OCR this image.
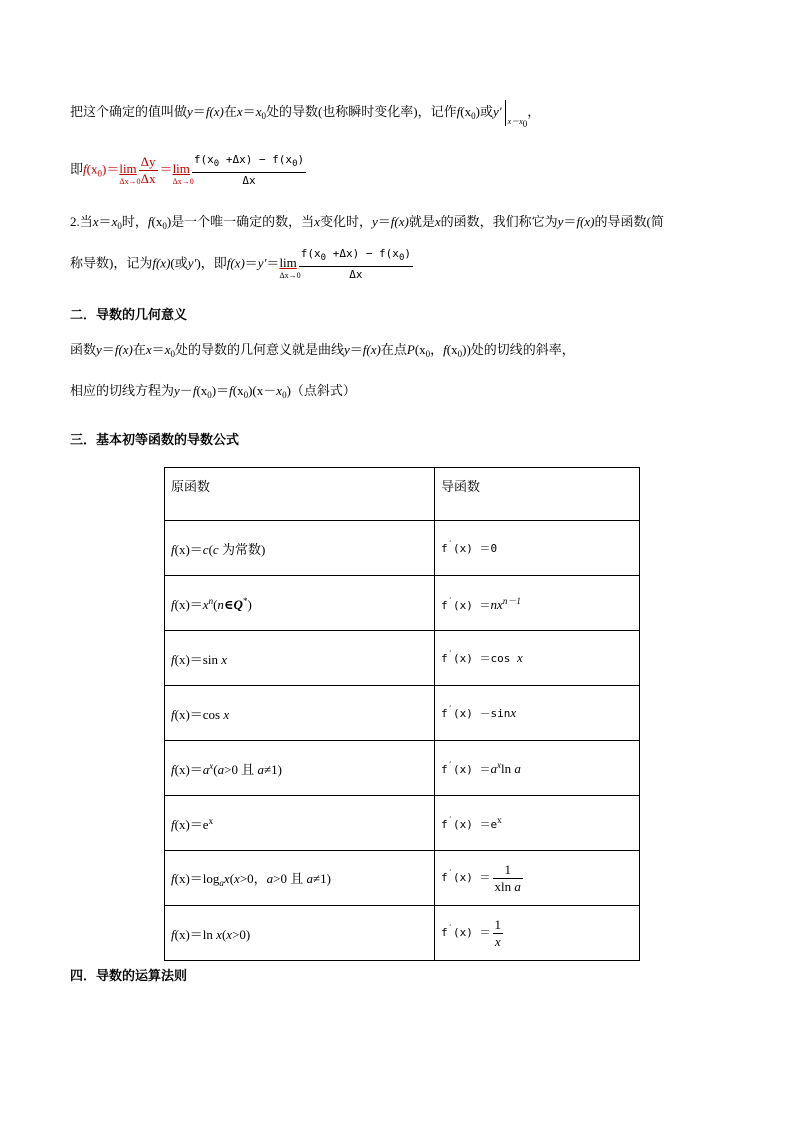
把这个确定的值叫做y＝f(x)在$x=x_0$处的导数(也称瞬时变化率)，记作$f(x_0)$或$y'_{x=x_0}$，
即$f(x_0)=\lim$
Δx→0
$\frac{\Delta y}{\Delta x} =\lim$
Δx→0
$\frac{f(x_0 +\Delta x) - f(x_0)}{\Delta x}$
2.当$x=x_0$时，$f(x_0)$是一个唯一确定的数，当x变化时，y＝f(x)就是x的函数，我们称它为y＝f(x)的导函数(简
称导数)，记为f(x)(或y′)，即f(x)＝y′＝lim
Δx→0
$\frac{f(x_0 +\Delta x) - f(x_0)}{\Delta x}$
二．导数的几何意义
函数y＝f(x)在$x=x_0$处的导数的几何意义就是曲线y＝f(x)在点$P(x_0$，$f(x_0)$)处的切线的斜率，
相应的切线方程为$y-f(x_0)=f(x_0)(x-x_0)$（点斜式）
三．基本初等函数的导数公式
原函数	导函数
f(x)＝c(c 为常数)	f′(x) ＝0
$f(x)=x^n(n\in Q^*)$	$f'(x) =nx^{n-1}$
f(x)＝sin x	f′(x) ＝cos x
f(x)＝cos x	f′(x) －sinx
$f(x)=a^x(a>0$ 且 a≠1)	$f'(x) =a^x\ln$ a
$f(x)=e^x$	$f'(x) =e^x$
$f(x)=\log_ax(x>0$，a>0 且 a≠1)	$f'(x) = \frac{1}{\text{xln a}}$

f(x)＝ln x(x>0)	$f'(x) = \frac{1}{x}$
四．导数的运算法则
